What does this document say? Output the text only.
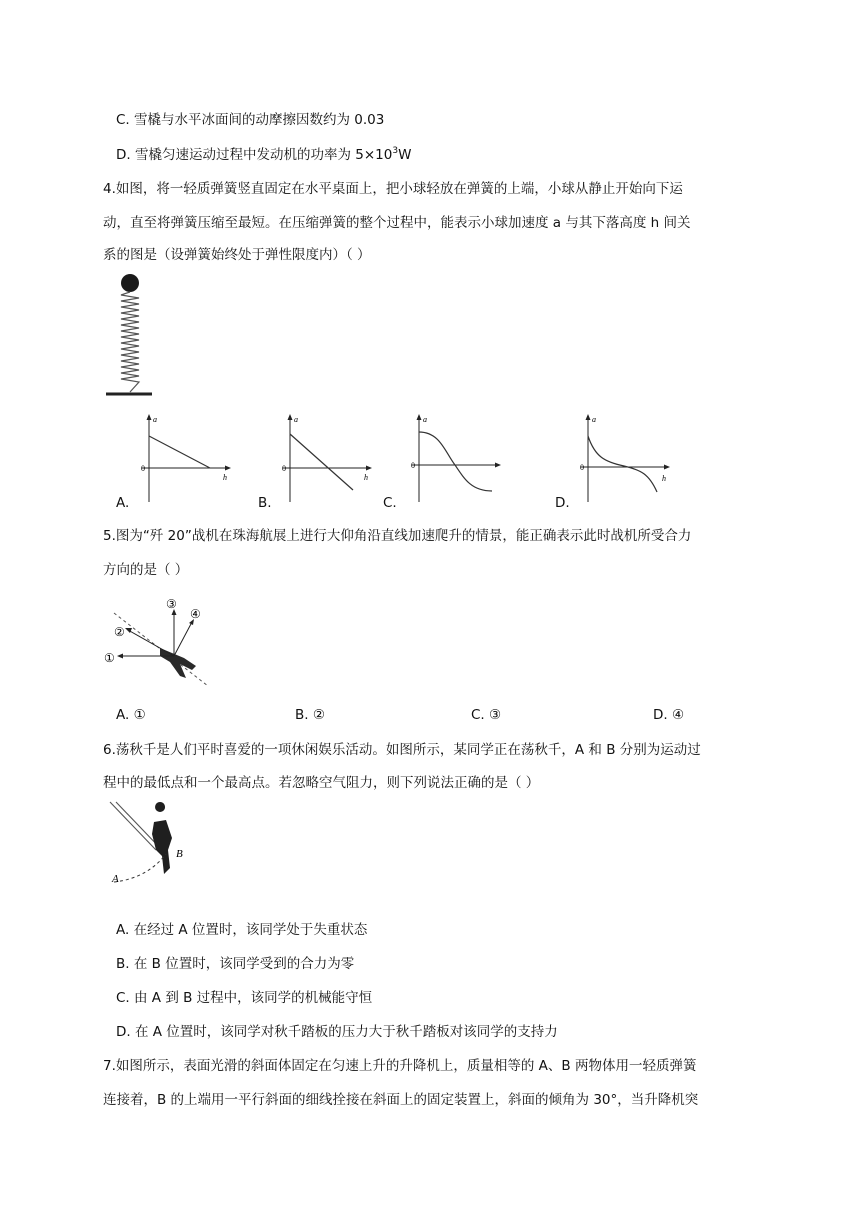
C. 雪橇与水平冰面间的动摩擦因数约为 0.03
D. 雪橇匀速运动过程中发动机的功率为 $5\times 10^3W$
4.如图，将一轻质弹簧竖直固定在水平桌面上，把小球轻放在弹簧的上端，小球从静止开始向下运
动，直至将弹簧压缩至最短。在压缩弹簧的整个过程中，能表示小球加速度 a 与其下落高度 h 间关
系的图是（设弹簧始终处于弹性限度内）（ ）
a
h
0
A.
a
h
0
B.
a
0
C.
a
h
0
D.
5.图为“歼 20”战机在珠海航展上进行大仰角沿直线加速爬升的情景，能正确表示此时战机所受合力
方向的是（ ）
①
②
③
④
A. ①	B. ②	C. ③	D. ④
6.荡秋千是人们平时喜爱的一项休闲娱乐活动。如图所示，某同学正在荡秋千，A 和 B 分别为运动过
程中的最低点和一个最高点。若忽略空气阻力，则下列说法正确的是（ ）
A
B
A. 在经过 A 位置时，该同学处于失重状态
B. 在 B 位置时，该同学受到的合力为零
C. 由 A 到 B 过程中，该同学的机械能守恒
D. 在 A 位置时，该同学对秋千踏板的压力大于秋千踏板对该同学的支持力
7.如图所示，表面光滑的斜面体固定在匀速上升的升降机上，质量相等的 A、B 两物体用一轻质弹簧
连接着，B 的上端用一平行斜面的细线拴接在斜面上的固定装置上，斜面的倾角为 30°，当升降机突
